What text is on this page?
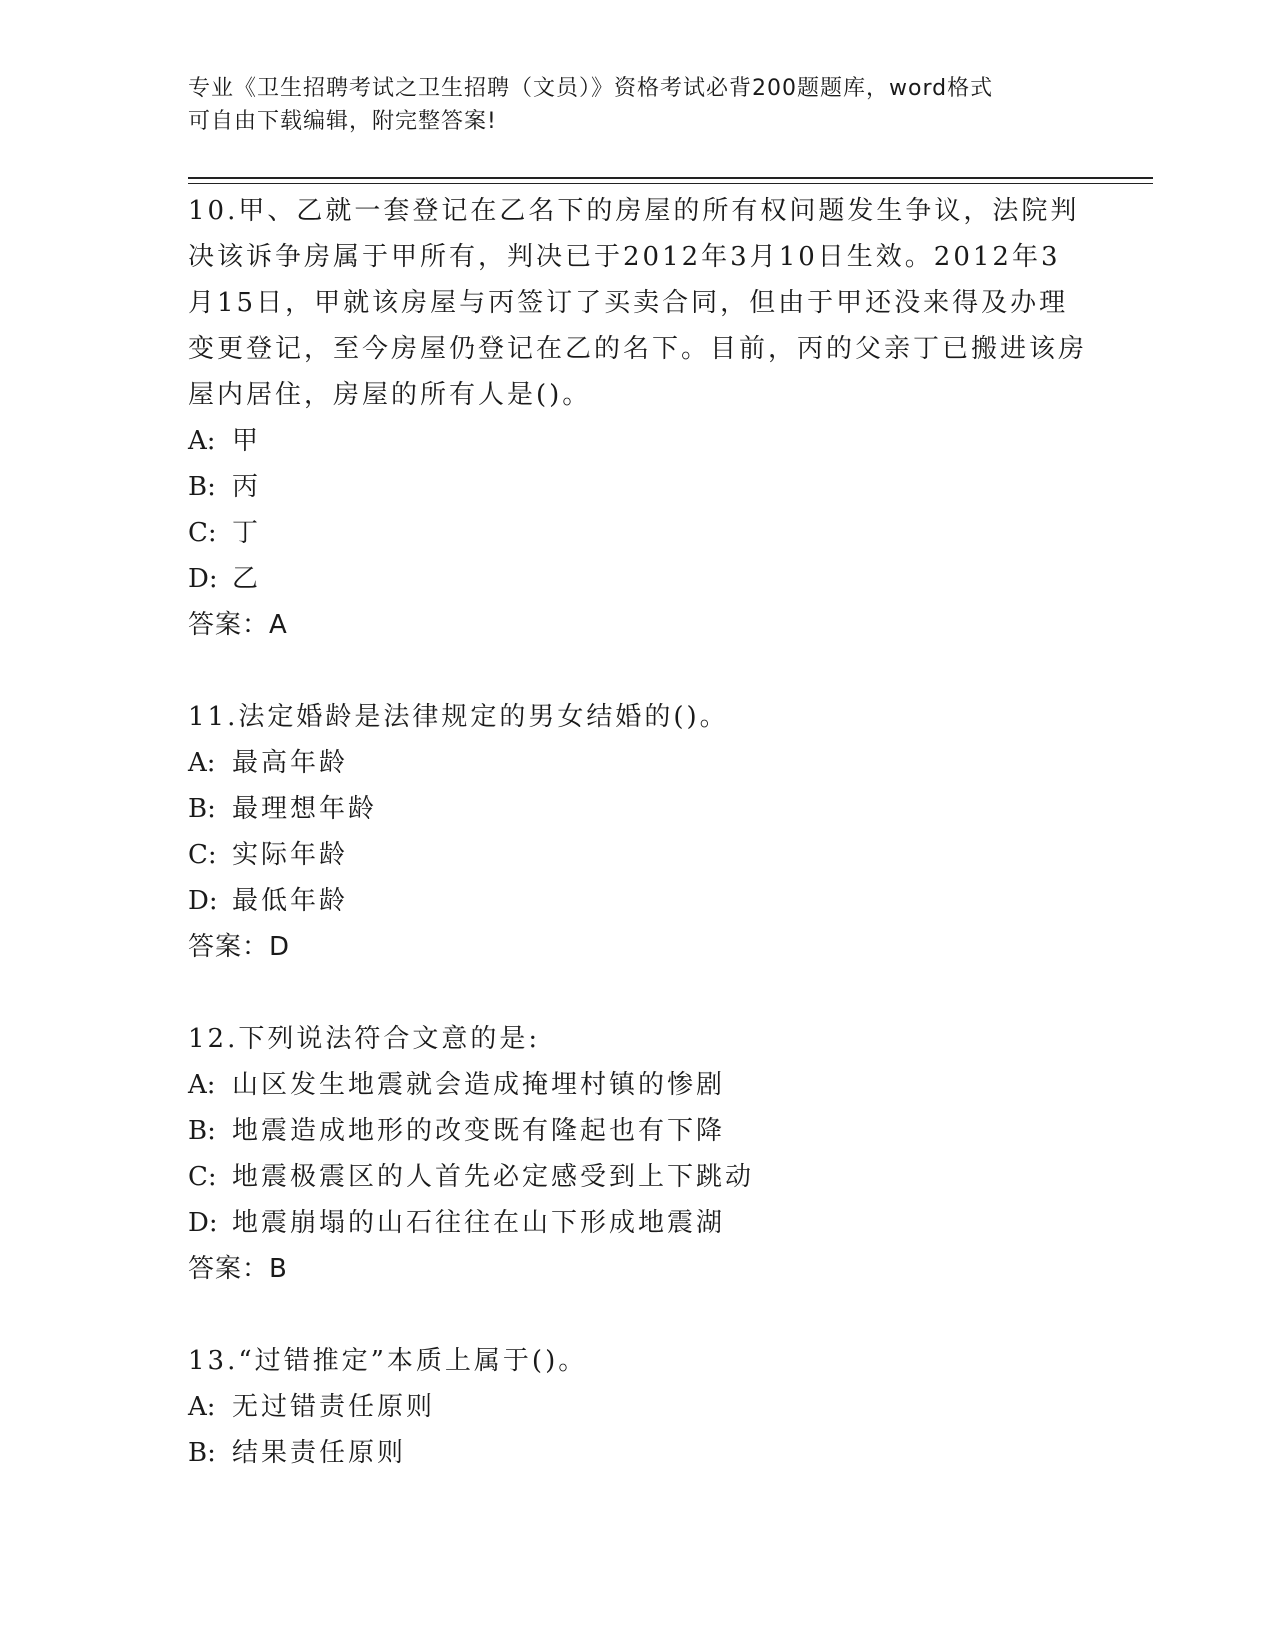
专业《卫生招聘考试之卫生招聘（文员）》资格考试必背200题题库，word格式
可自由下载编辑，附完整答案!
10.甲、乙就一套登记在乙名下的房屋的所有权问题发生争议，法院判决该诉争房属于甲所有，判决已于2012年3月10日生效。2012年3月15日，甲就该房屋与丙签订了买卖合同，但由于甲还没来得及办理变更登记，至今房屋仍登记在乙的名下。目前，丙的父亲丁已搬进该房屋内居住，房屋的所有人是()。
A: 甲
B: 丙
C: 丁
D: 乙
答案：A
11.法定婚龄是法律规定的男女结婚的()。
A: 最高年龄
B: 最理想年龄
C: 实际年龄
D: 最低年龄
答案：D
12.下列说法符合文意的是:
A: 山区发生地震就会造成掩埋村镇的惨剧
B: 地震造成地形的改变既有隆起也有下降
C: 地震极震区的人首先必定感受到上下跳动
D: 地震崩塌的山石往往在山下形成地震湖
答案：B
13.“过错推定”本质上属于()。
A: 无过错责任原则
B: 结果责任原则
